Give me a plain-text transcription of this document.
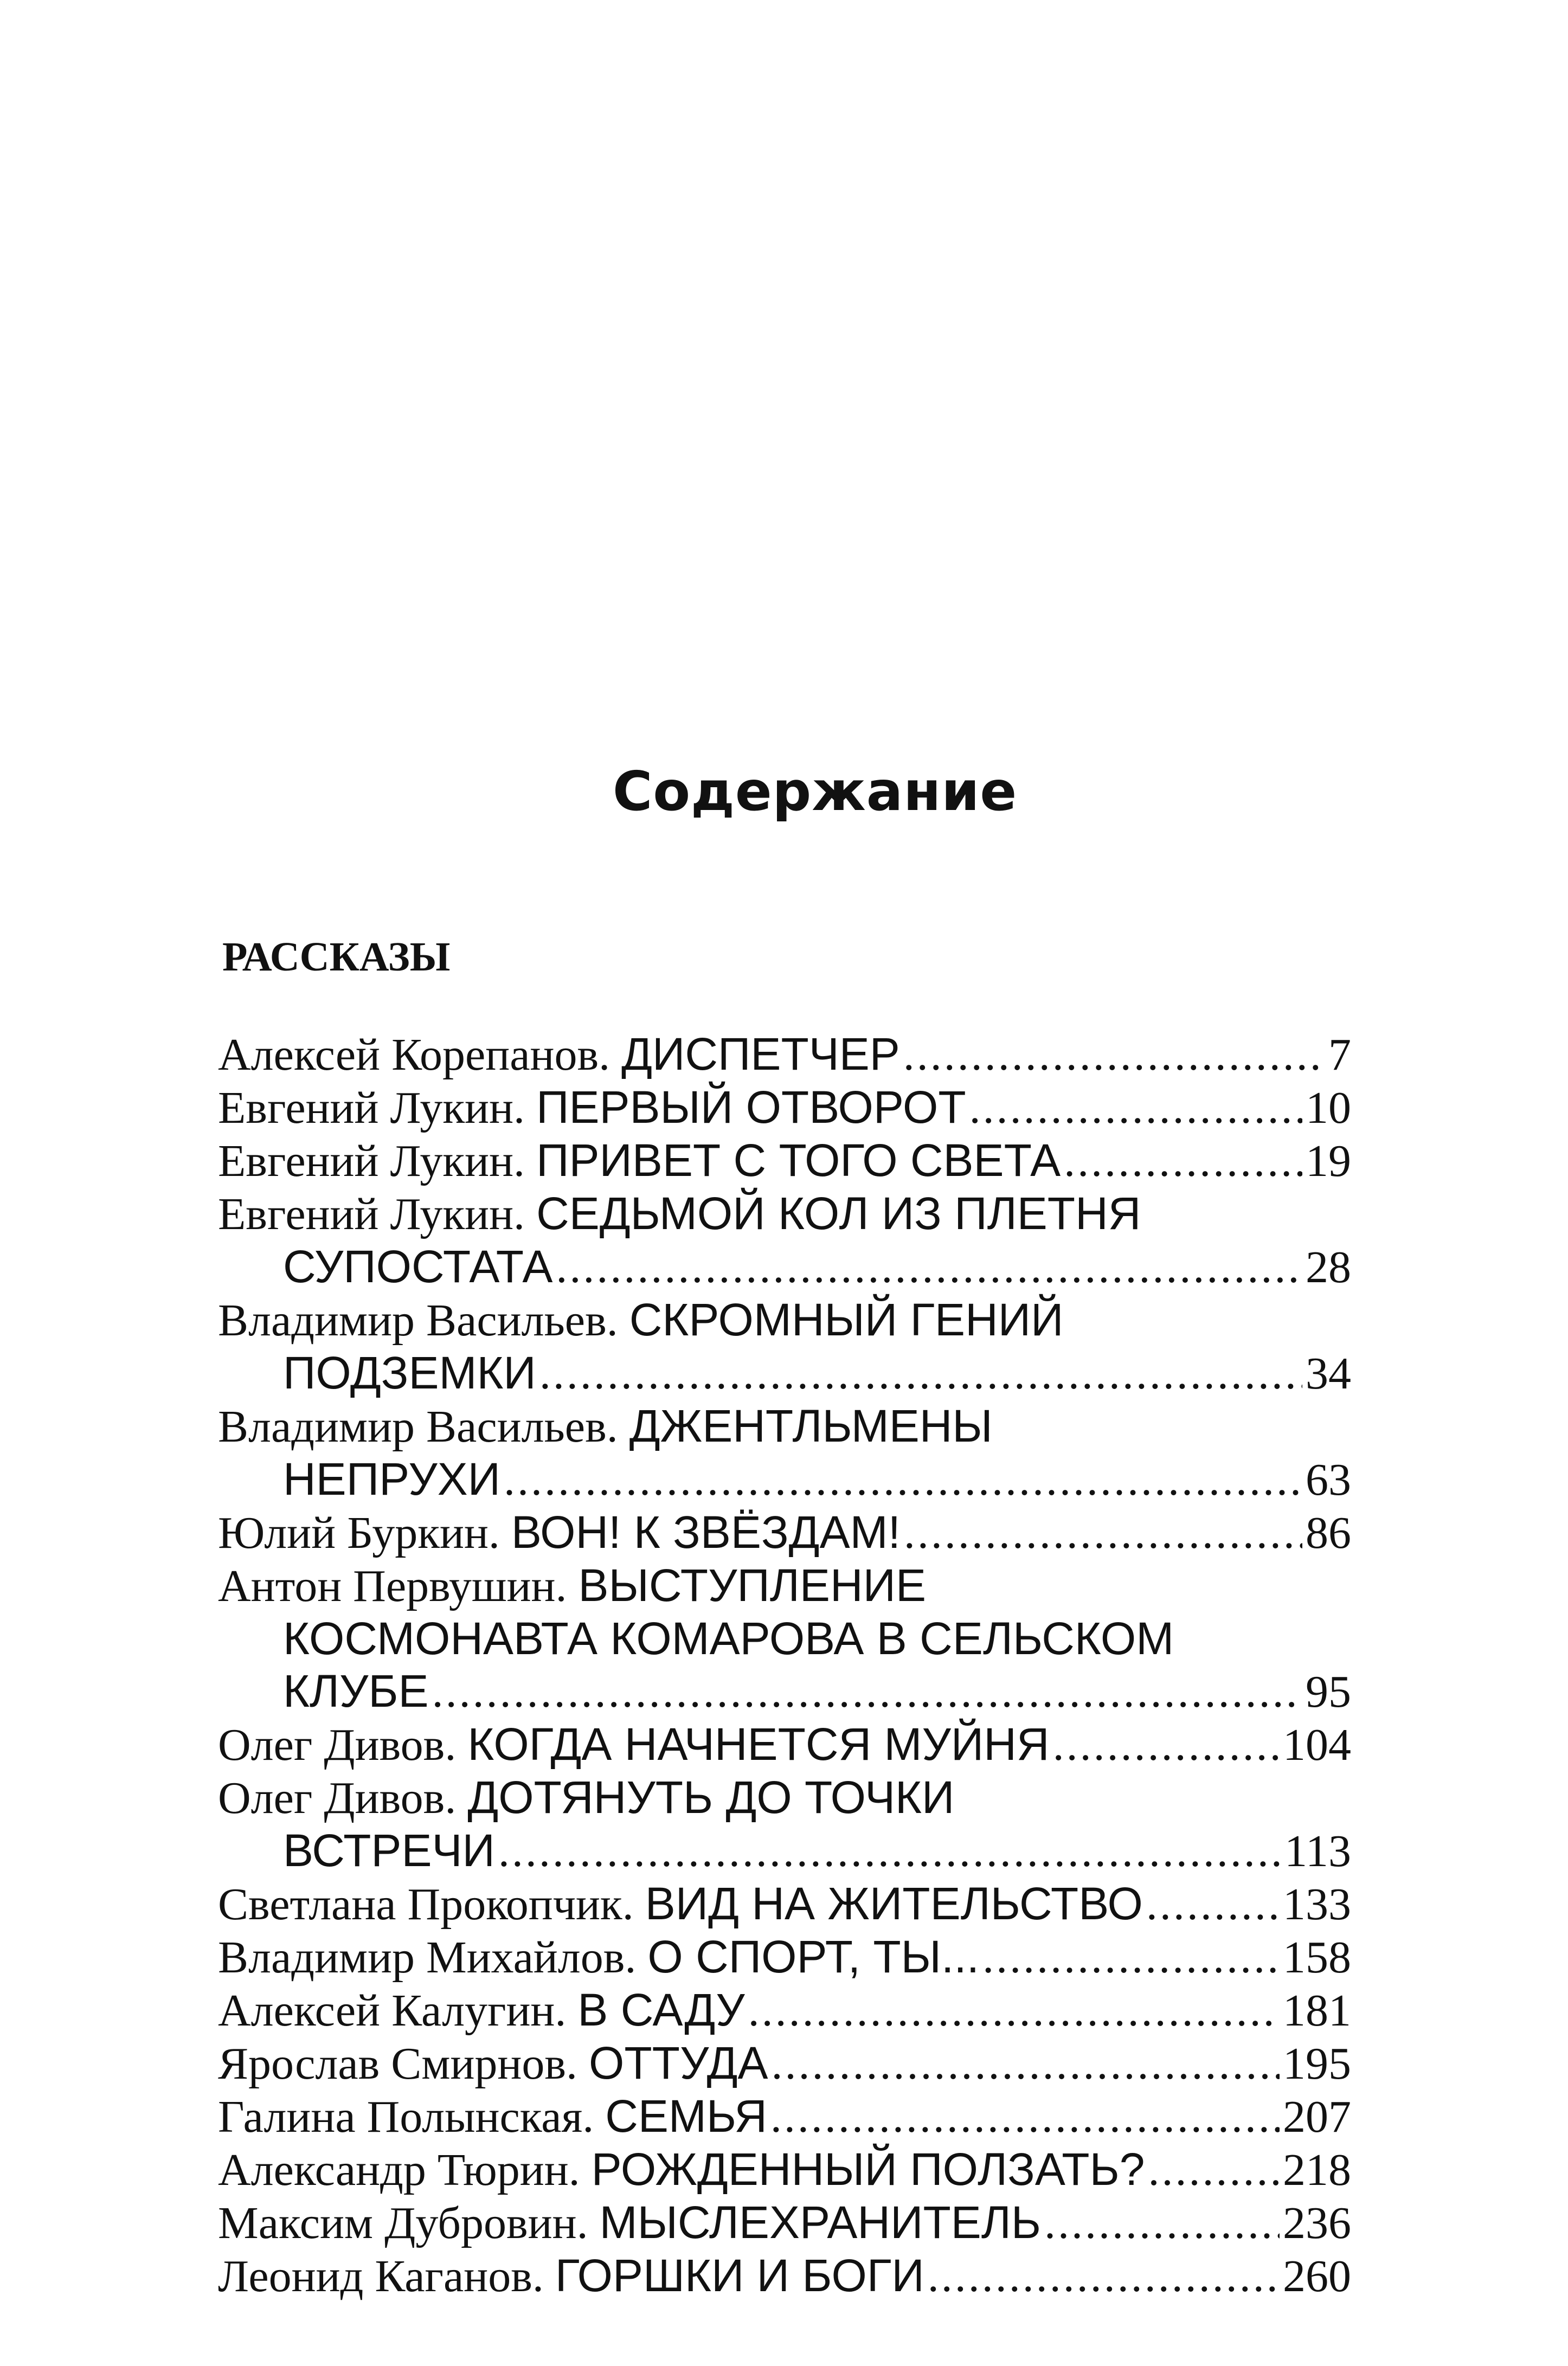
Содержание
РАССКАЗЫ
Алексей Корепанов.
ДИСПЕТЧЕР .....	7
Евгений Лукин.
ПЕРВЫЙ ОТВОРОТ .....	10
Евгений Лукин.
ПРИВЕТ С ТОГО СВЕТА .....	19
Евгений Лукин.
СЕДЬМОЙ КОЛ ИЗ ПЛЕТНЯ
СУПОСТАТА .....	28
Владимир Васильев.
СКРОМНЫЙ ГЕНИЙ
ПОДЗЕМКИ .....	34
Владимир Васильев.
ДЖЕНТЛЬМЕНЫ
НЕПРУХИ .....	63
Юлий Буркин.
ВОН! К ЗВЁЗДАМ! .....	86
Антон Первушин.
ВЫСТУПЛЕНИЕ
КОСМОНАВТА КОМАРОВА В СЕЛЬСКОМ
КЛУБЕ .....	95
Олег Дивов.
КОГДА НАЧНЕТСЯ МУЙНЯ .....	104
Олег Дивов.
ДОТЯНУТЬ ДО ТОЧКИ
ВСТРЕЧИ .....	113
Светлана Прокопчик.
ВИД НА ЖИТЕЛЬСТВО .....	133
Владимир Михайлов.
О СПОРТ, ТЫ... .....	158
Алексей Калугин.
В САДУ .....	181
Ярослав Смирнов.
ОТТУДА .....	195
Галина Полынская.
СЕМЬЯ .....	207
Александр Тюрин.
РОЖДЕННЫЙ ПОЛЗАТЬ? .....	218
Максим Дубровин.
МЫСЛЕХРАНИТЕЛЬ .....	236
Леонид Каганов.
ГОРШКИ И БОГИ .....	260
